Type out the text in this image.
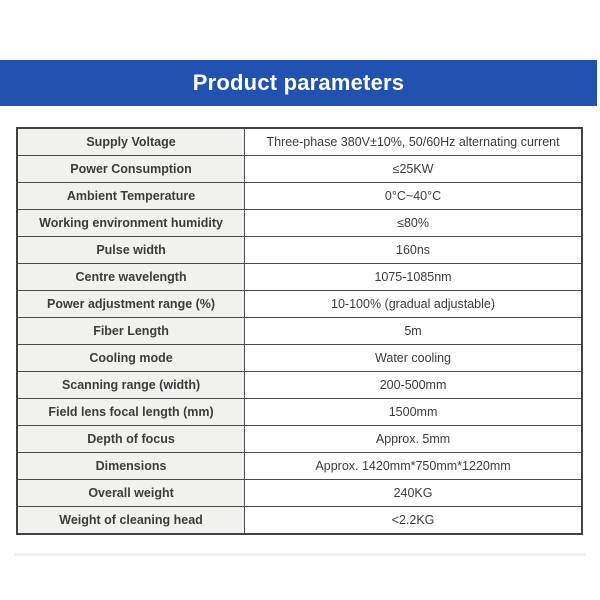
Product parameters
Supply Voltage	Three-phase 380V±10%, 50/60Hz alternating current
Power Consumption	≤25KW
Ambient Temperature	0°C~40°C
Working environment humidity	≤80%
Pulse width	160ns
Centre wavelength	1075-1085nm
Power adjustment range (%)	10-100% (gradual adjustable)
Fiber Length	5m
Cooling mode	Water cooling
Scanning range (width)	200-500mm
Field lens focal length (mm)	1500mm
Depth of focus	Approx. 5mm
Dimensions	Approx. 1420mm*750mm*1220mm
Overall weight	240KG
Weight of cleaning head	<2.2KG
